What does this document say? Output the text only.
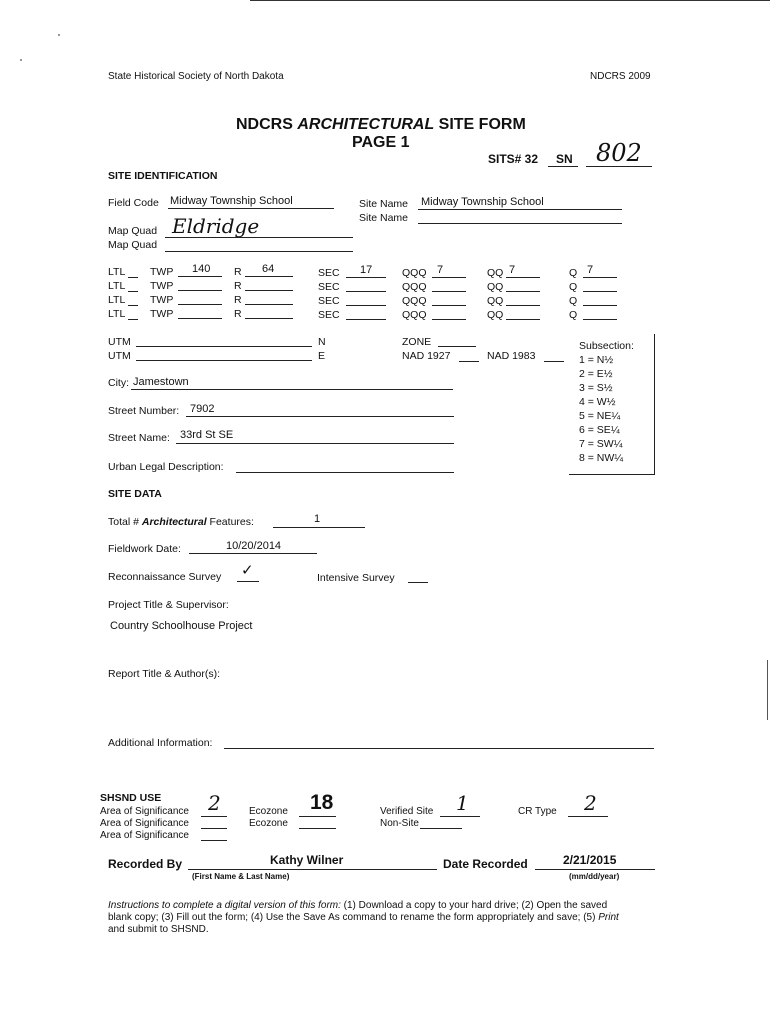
State Historical Society of North Dakota	NDCRS 2009
NDCRS ARCHITECTURAL SITE FORM
PAGE 1
SITS# 32 SN 802
SITE IDENTIFICATION
Field Code Midway Township School	Site Name Midway Township School
Site Name
Map Quad Eldridge
Map Quad
LTL TWP 140 R 64	SEC 17	QQQ 7	QQ 7	Q 7
LTL TWP	R	SEC	QQQ	QQ	Q
LTL TWP	R	SEC	QQQ	QQ	Q
LTL TWP	R	SEC	QQQ	QQ	Q
UTM	N
UTM	E
ZONE
NAD 1927	NAD 1983
Subsection:
1 = N½
2 = E½
3 = S½
4 = W½
5 = NE¼
6 = SE¼
7 = SW¼
8 = NW¼
City: Jamestown
Street Number: 7902
Street Name: 33rd St SE
Urban Legal Description:
SITE DATA
Total # Architectural Features:	1
Fieldwork Date:	10/20/2014
Reconnaissance Survey ✓	Intensive Survey
Project Title & Supervisor:
Country Schoolhouse Project
Report Title & Author(s):
Additional Information:
SHSND USE
Area of Significance 2
Area of Significance
Area of Significance
Ecozone 18
Ecozone
Verified Site 1
Non-Site
CR Type 2
Recorded By	Kathy Wilner
(First Name & Last Name)
Date Recorded	2/21/2015
(mm/dd/year)
Instructions to complete a digital version of this form: (1) Download a copy to your hard drive; (2) Open the saved
blank copy; (3) Fill out the form; (4) Use the Save As command to rename the form appropriately and save; (5) Print
and submit to SHSND.
